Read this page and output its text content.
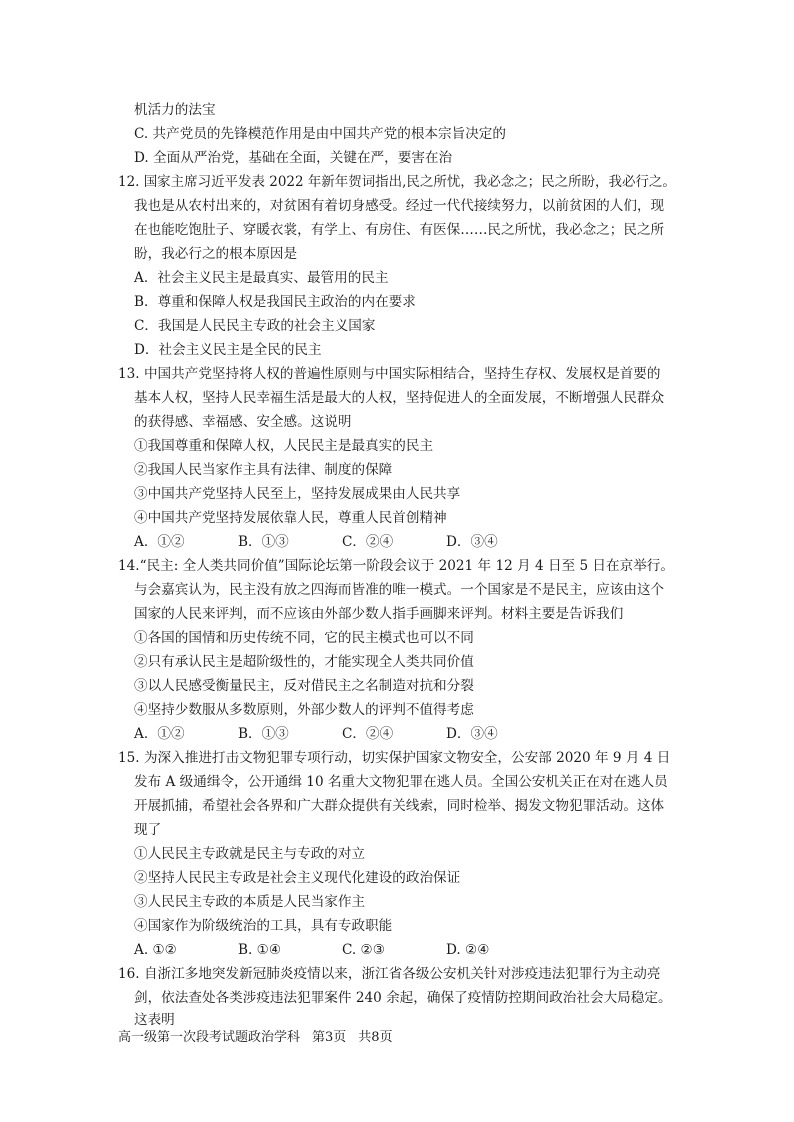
机活力的法宝
C. 共产党员的先锋模范作用是由中国共产党的根本宗旨决定的
D. 全面从严治党，基础在全面，关键在严，要害在治
12. 国家主席习近平发表 2022 年新年贺词指出,民之所忧，我必念之；民之所盼，我必行之。
我也是从农村出来的，对贫困有着切身感受。经过一代代接续努力，以前贫困的人们，现
在也能吃饱肚子、穿暖衣裳，有学上、有房住、有医保……民之所忧，我必念之；民之所
盼，我必行之的根本原因是
A．社会主义民主是最真实、最管用的民主
B．尊重和保障人权是我国民主政治的内在要求
C．我国是人民民主专政的社会主义国家
D．社会主义民主是全民的民主
13. 中国共产党坚持将人权的普遍性原则与中国实际相结合，坚持生存权、发展权是首要的
基本人权，坚持人民幸福生活是最大的人权，坚持促进人的全面发展，不断增强人民群众
的获得感、幸福感、安全感。这说明
①我国尊重和保障人权，人民民主是最真实的民主
②我国人民当家作主具有法律、制度的保障
③中国共产党坚持人民至上，坚持发展成果由人民共享
④中国共产党坚持发展依靠人民，尊重人民首创精神
A．①②	B．①③	C．②④	D．③④
14.“民主: 全人类共同价值”国际论坛第一阶段会议于 2021 年 12 月 4 日至 5 日在京举行。
与会嘉宾认为，民主没有放之四海而皆准的唯一模式。一个国家是不是民主，应该由这个
国家的人民来评判，而不应该由外部少数人指手画脚来评判。材料主要是告诉我们
①各国的国情和历史传统不同，它的民主模式也可以不同
②只有承认民主是超阶级性的，才能实现全人类共同价值
③以人民感受衡量民主，反对借民主之名制造对抗和分裂
④坚持少数服从多数原则，外部少数人的评判不值得考虑
A．①②	B．①③	C．②④	D．③④
15. 为深入推进打击文物犯罪专项行动，切实保护国家文物安全，公安部 2020 年 9 月 4 日
发布 A 级通缉令，公开通缉 10 名重大文物犯罪在逃人员。全国公安机关正在对在逃人员
开展抓捕，希望社会各界和广大群众提供有关线索，同时检举、揭发文物犯罪活动。这体
现了
①人民民主专政就是民主与专政的对立
②坚持人民民主专政是社会主义现代化建设的政治保证
③人民民主专政的本质是人民当家作主
④国家作为阶级统治的工具，具有专政职能
A. ①②	B. ①④	C. ②③	D. ②④
16. 自浙江多地突发新冠肺炎疫情以来，浙江省各级公安机关针对涉疫违法犯罪行为主动亮
剑，依法查处各类涉疫违法犯罪案件 240 余起，确保了疫情防控期间政治社会大局稳定。
这表明
高一级第一次段考试题政治学科 第3页 共8页
